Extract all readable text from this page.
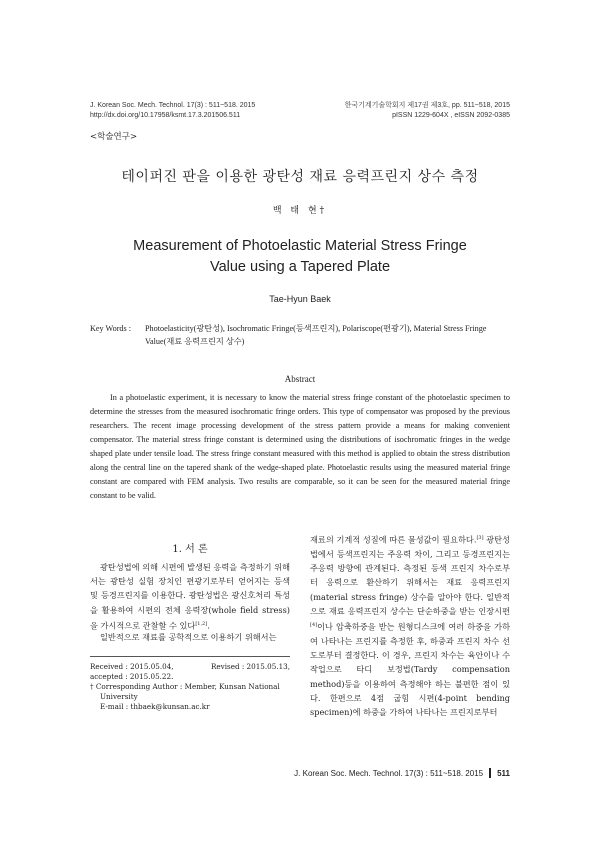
J. Korean Soc. Mech. Technol. 17(3) : 511~518. 2015
http://dx.doi.org/10.17958/ksmt.17.3.201506.511
한국기계기술학회지 제17권 제3호, pp. 511~518, 2015
pISSN 1229-604X , eISSN 2092-0385
<학술연구>
테이퍼진 판을 이용한 광탄성 재료 응력프린지 상수 측정
백 태 현†
Measurement of Photoelastic Material Stress Fringe
Value using a Tapered Plate
Tae-Hyun Baek
Key Words :	Photoelasticity(광탄성), Isochromatic Fringe(등색프린지), Polariscope(편광기), Material Stress Fringe
Value(재료 응력프린지 상수)
Abstract
In a photoelastic experiment, it is necessary to know the material stress fringe constant of the photoelastic specimen to determine the stresses from the measured isochromatic fringe orders. This type of compensator was proposed by the previous researchers. The recent image processing development of the stress pattern provide a means for making convenient compensator. The material stress fringe constant is determined using the distributions of isochromatic fringes in the wedge shaped plate under tensile load. The stress fringe constant measured with this method is applied to obtain the stress distribution along the central line on the tapered shank of the wedge-shaped plate. Photoelastic results using the measured material fringe constant are compared with FEM analysis. Two results are comparable, so it can be seen for the measured material fringe constant to be valid.
1. 서 론
광탄성법에 의해 시편에 발생된 응력을 측정하기 위해서는 광탄성 실험 장치인 편광기로부터 얻어지는 등색 및 등경프린지를 이용한다. 광탄성법은 광신호처리 특성을 활용하여 시편의 전체 응력장(whole field stress)을 가시적으로 관찰할 수 있다[1,2].
일반적으로 재료를 공학적으로 이용하기 위해서는
Received : 2015.05.04,	Revised : 2015.05.13,
accepted : 2015.05.22.
† Corresponding Author : Member, Kunsan National
University
E-mail : thbaek@kunsan.ac.kr
재료의 기계적 성질에 따른 물성값이 필요하다.[3] 광탄성법에서 등색프린지는 주응력 차이, 그리고 등경프린지는 주응력 방향에 관계된다. 측정된 등색 프린지 차수로부터 응력으로 환산하기 위해서는 재료 응력프린지(material stress fringe) 상수를 알아야 한다. 일반적으로 재료 응력프린지 상수는 단순하중을 받는 인장시편[4]이나 압축하중을 받는 원형디스크에 여러 하중을 가하여 나타나는 프린지를 측정한 후, 하중과 프린지 차수 선도로부터 결정한다. 이 경우, 프린지 차수는 육안이나 수작업으로 타디 보정법(Tardy compensation method)등을 이용하여 측정해야 하는 불편한 점이 있다. 한편으로 4점 굽힘 시편(4-point bending specimen)에 하중을 가하여 나타나는 프린지로부터
J. Korean Soc. Mech. Technol. 17(3) : 511~518. 2015 511
